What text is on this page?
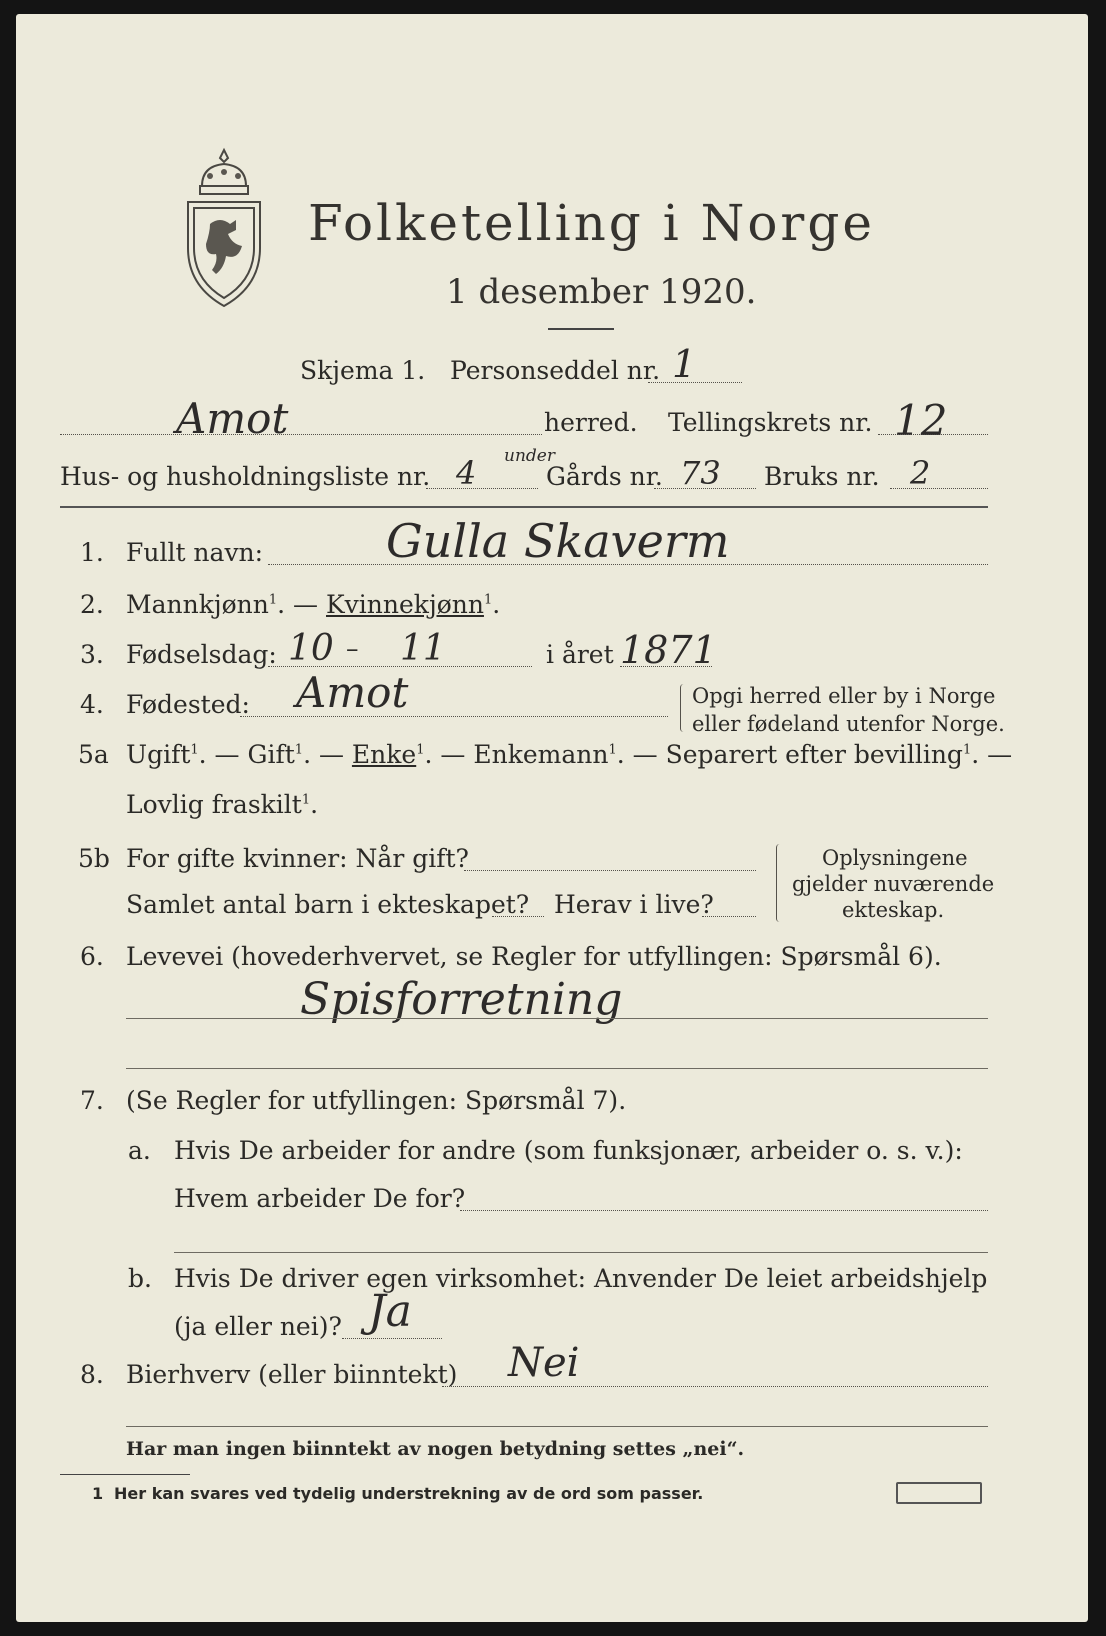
Folketelling i Norge
1 desember 1920.
Skjema 1. Personseddel nr. 1
Amot	herred. Tellingskrets nr. 12
Hus- og husholdningsliste nr. 4 under
Gårds nr. 73 Bruks nr. 2
1. Fullt navn:	Gulla Skaverm
2. Mannkjønn$^1$. — Kvinnekjønn$^1$.
3. Fødselsdag: 10 – 11	i året 1871
4. Fødested: Amot	Opgi herred eller by i Norge
eller fødeland utenfor Norge.
5a Ugift$^1$. — Gift$^1$. — Enke$^1$. — Enkemann$^1$. — Separert efter bevilling$^1$. —
Lovlig fraskilt$^1$.
5b For gifte kvinner: Når gift?
Samlet antal barn i ekteskapet? Herav i live?
Oplysningene
gjelder nuværende
ekteskap.
6. Levevei (hovederhvervet, se Regler for utfyllingen: Spørsmål 6).
Spisforretning
7. (Se Regler for utfyllingen: Spørsmål 7).
a. Hvis De arbeider for andre (som funksjonær, arbeider o. s. v.):
Hvem arbeider De for?
b. Hvis De driver egen virksomhet: Anvender De leiet arbeidshjelp
(ja eller nei)? Ja
8. Bierhverv (eller biinntekt) Nei
Har man ingen biinntekt av nogen betydning settes „nei“.
1 Her kan svares ved tydelig understrekning av de ord som passer.
